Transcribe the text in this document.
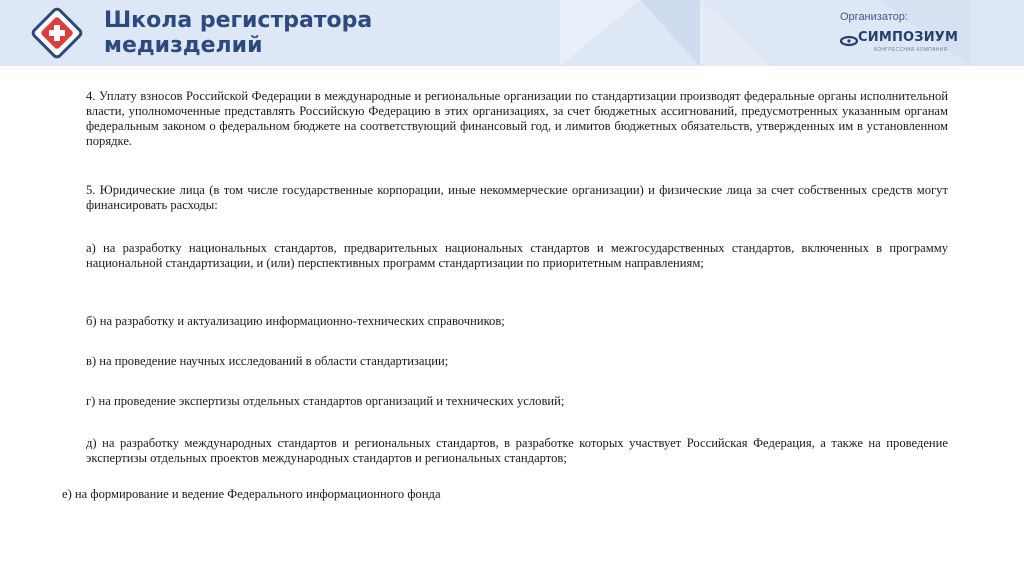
Школа регистратора
медизделий
Организатор:
СИМПОЗИУМ
КОНГРЕССНАЯ КОМПАНИЯ

4. Уплату взносов Российской Федерации в международные и региональные организации по стандартизации производят федеральные органы исполнительной власти, уполномоченные представлять Российскую Федерацию в этих организациях, за счет бюджетных ассигнований, предусмотренных указанным органам федеральным законом о федеральном бюджете на соответствующий финансовый год, и лимитов бюджетных обязательств, утвержденных им в установленном порядке.

5. Юридические лица (в том числе государственные корпорации, иные некоммерческие организации) и физические лица за счет собственных средств могут финансировать расходы:

а) на разработку национальных стандартов, предварительных национальных стандартов и межгосударственных стандартов, включенных в программу национальной стандартизации, и (или) перспективных программ стандартизации по приоритетным направлениям;

б) на разработку и актуализацию информационно-технических справочников;

в) на проведение научных исследований в области стандартизации;

г) на проведение экспертизы отдельных стандартов организаций и технических условий;

д) на разработку международных стандартов и региональных стандартов, в разработке которых участвует Российская Федерация, а также на проведение экспертизы отдельных проектов международных стандартов и региональных стандартов;

е) на формирование и ведение Федерального информационного фонда
